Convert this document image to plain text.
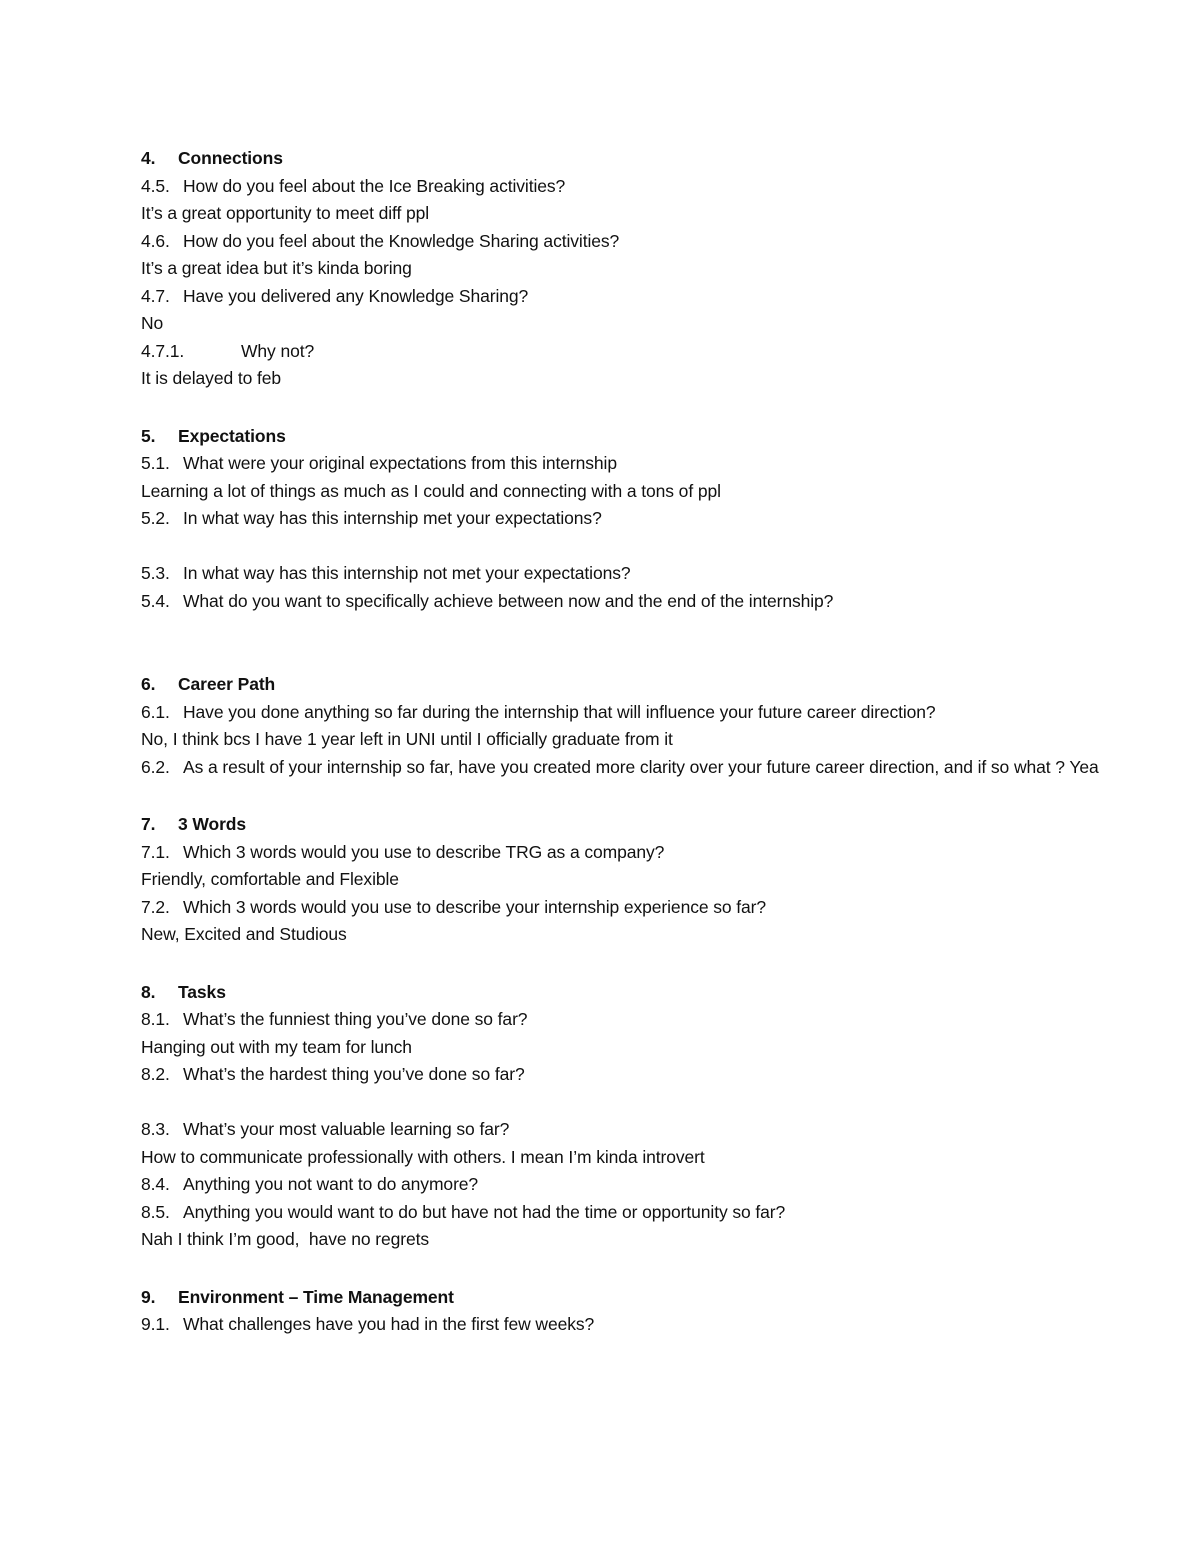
4. Connections
4.5. How do you feel about the Ice Breaking activities?
It’s a great opportunity to meet diff ppl
4.6. How do you feel about the Knowledge Sharing activities?
It’s a great idea but it’s kinda boring
4.7. Have you delivered any Knowledge Sharing?
No
4.7.1.	Why not?
It is delayed to feb
5. Expectations
5.1. What were your original expectations from this internship
Learning a lot of things as much as I could and connecting with a tons of ppl
5.2. In what way has this internship met your expectations?
5.3. In what way has this internship not met your expectations?
5.4. What do you want to specifically achieve between now and the end of the internship?
6. Career Path
6.1. Have you done anything so far during the internship that will influence your future career direction?
No, I think bcs I have 1 year left in UNI until I officially graduate from it
6.2. As a result of your internship so far, have you created more clarity over your future career direction, and if so what ? Yea
7. 3 Words
7.1. Which 3 words would you use to describe TRG as a company?
Friendly, comfortable and Flexible
7.2. Which 3 words would you use to describe your internship experience so far?
New, Excited and Studious
8. Tasks
8.1. What’s the funniest thing you’ve done so far?
Hanging out with my team for lunch
8.2. What’s the hardest thing you’ve done so far?
8.3. What’s your most valuable learning so far?
How to communicate professionally with others. I mean I’m kinda introvert
8.4. Anything you not want to do anymore?
8.5. Anything you would want to do but have not had the time or opportunity so far?
Nah I think I’m good,  have no regrets
9. Environment – Time Management
9.1. What challenges have you had in the first few weeks?
